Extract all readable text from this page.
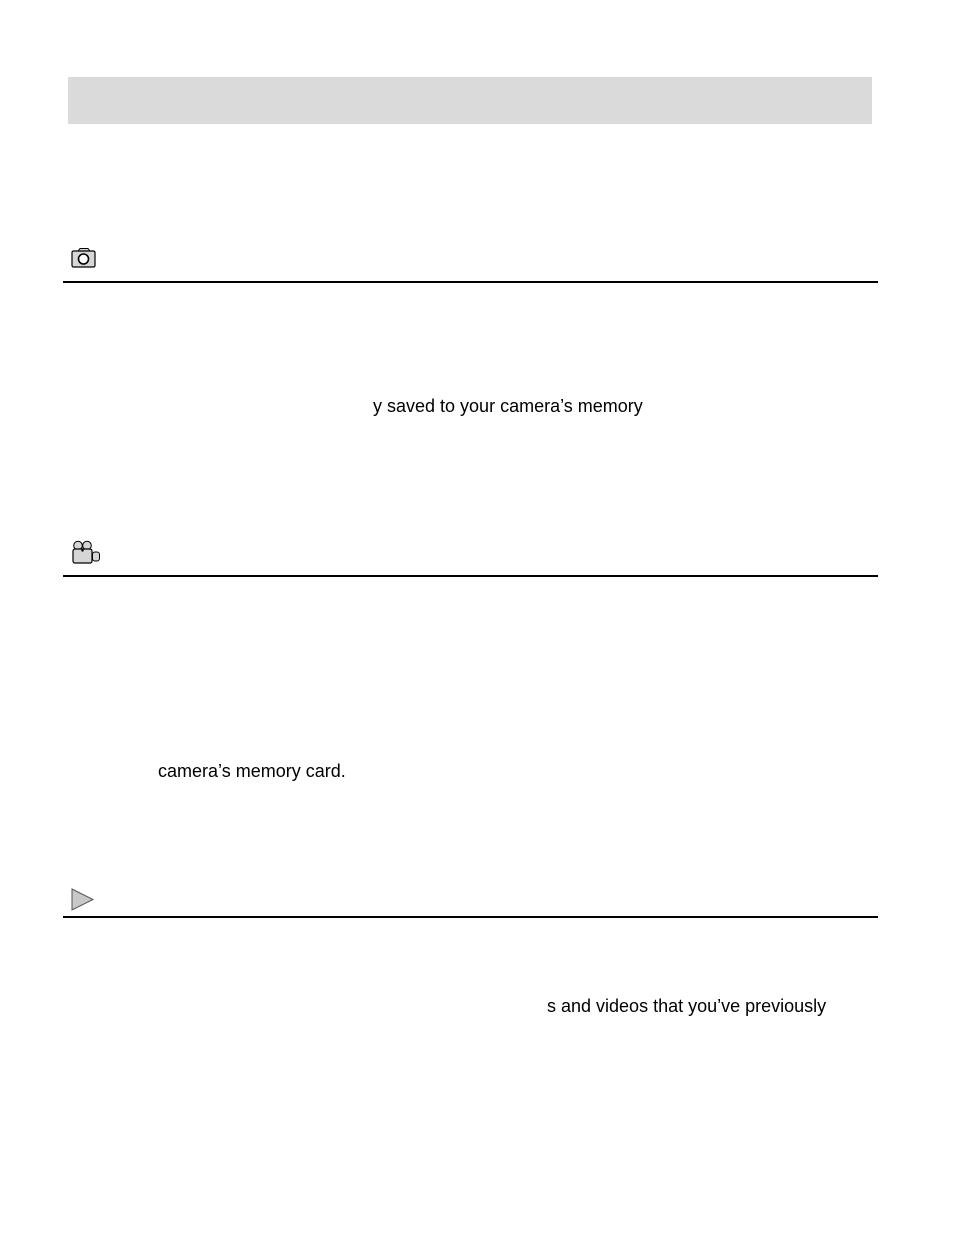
y saved to your camera’s memory
camera’s memory card.
s and videos that you’ve previously
